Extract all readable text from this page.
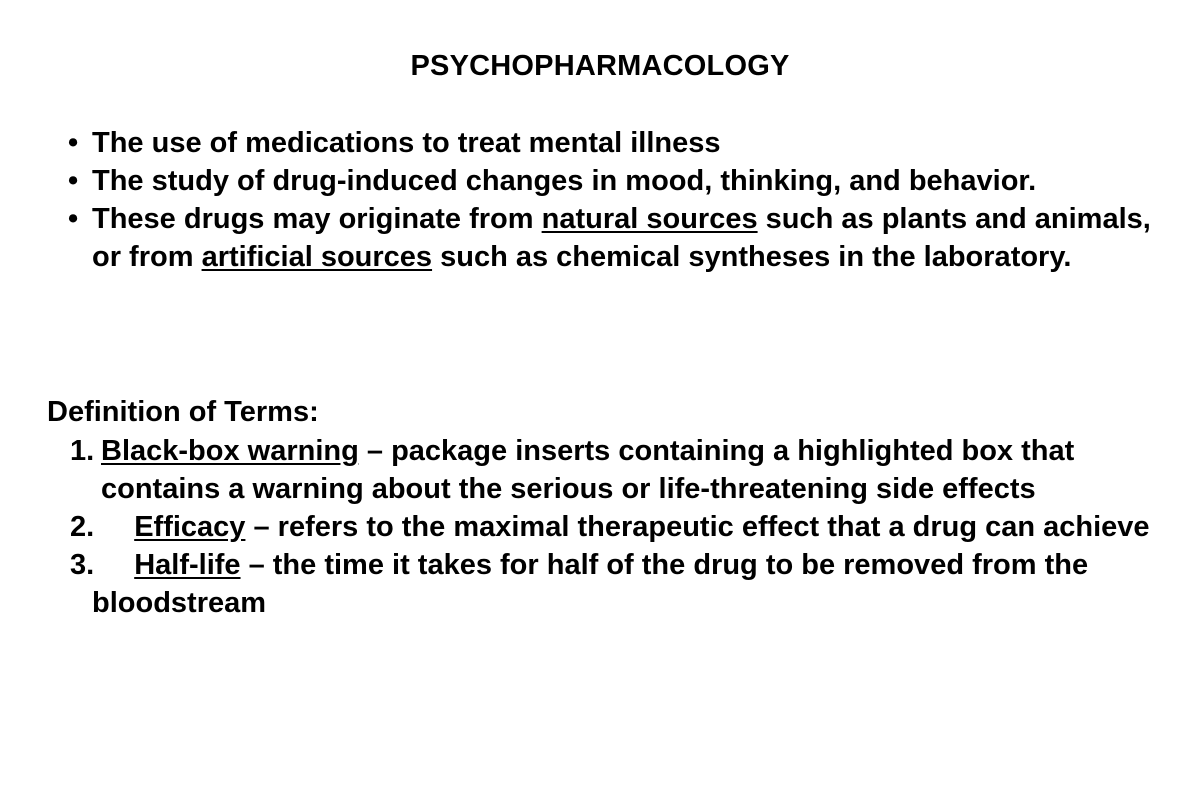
PSYCHOPHARMACOLOGY
• The use of medications to treat mental illness
• The study of drug-induced changes in mood, thinking, and behavior.
• These drugs may originate from natural sources such as plants and animals, or from artificial sources such as chemical syntheses in the laboratory.
Definition of Terms:
1. Black-box warning – package inserts containing a highlighted box that contains a warning about the serious or life-threatening side effects
2. Efficacy – refers to the maximal therapeutic effect that a drug can achieve
3. Half-life – the time it takes for half of the drug to be removed from the bloodstream
